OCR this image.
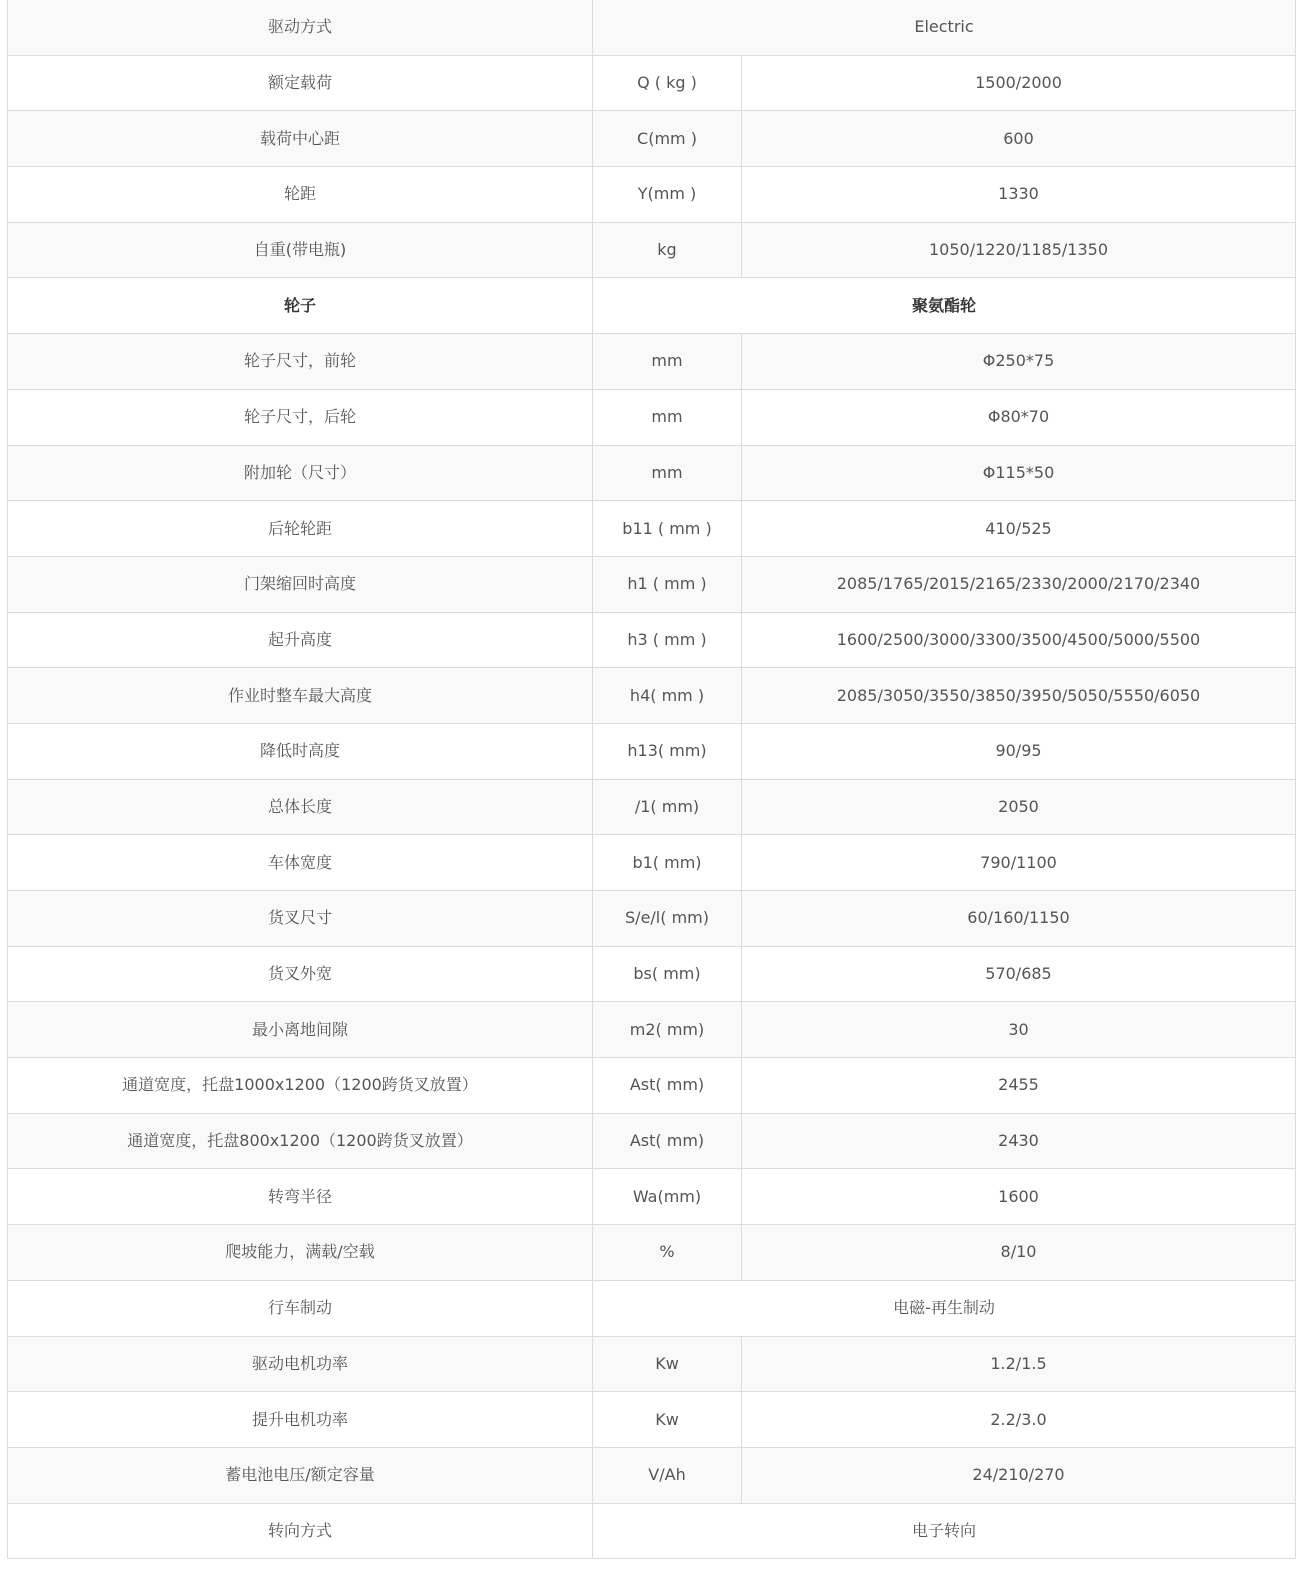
驱动方式	Electric	
额定载荷	Q ( kg )	1500/2000
载荷中心距	C(mm )	600
轮距	Y(mm )	1330
自重(带电瓶)	kg	1050/1220/1185/1350
轮子	聚氨酯轮	
轮子尺寸，前轮	mm	Φ250*75
轮子尺寸，后轮	mm	Φ80*70
附加轮（尺寸）	mm	Φ115*50
后轮轮距	b11 ( mm )	410/525
门架缩回时高度	h1 ( mm )	2085/1765/2015/2165/2330/2000/2170/2340
起升高度	h3 ( mm )	1600/2500/3000/3300/3500/4500/5000/5500
作业时整车最大高度	h4( mm )	2085/3050/3550/3850/3950/5050/5550/6050
降低时高度	h13( mm)	90/95
总体长度	/1( mm)	2050
车体宽度	b1( mm)	790/1100
货叉尺寸	S/e/l( mm)	60/160/1150
货叉外宽	bs( mm)	570/685
最小离地间隙	m2( mm)	30
通道宽度，托盘1000x1200（1200跨货叉放置）	Ast( mm)	2455
通道宽度，托盘800x1200（1200跨货叉放置）	Ast( mm)	2430
转弯半径	Wa(mm)	1600
爬坡能力，满载/空载	%	8/10
行车制动	电磁-再生制动	
驱动电机功率	Kw	1.2/1.5
提升电机功率	Kw	2.2/3.0
蓄电池电压/额定容量	V/Ah	24/210/270
转向方式	电子转向	
